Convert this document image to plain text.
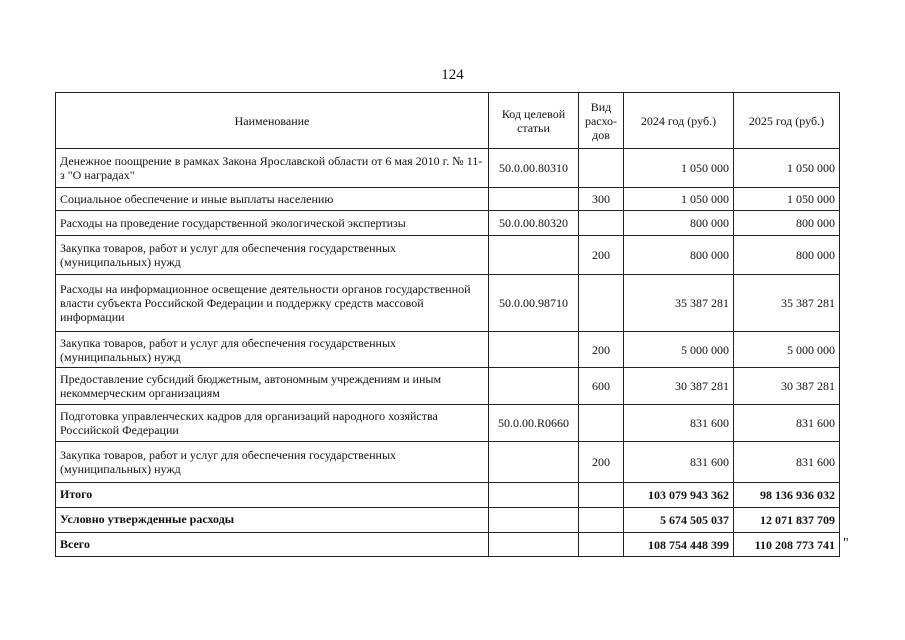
124
Наименование	Код целевой статьи	Вид расхо-дов	2024 год (руб.)	2025 год (руб.)
Денежное поощрение в рамках Закона Ярославской области от 6 мая 2010 г. № 11-з "О наградах"	50.0.00.80310		1 050 000	1 050 000
Социальное обеспечение и иные выплаты населению		300	1 050 000	1 050 000
Расходы на проведение государственной экологической экспертизы	50.0.00.80320		800 000	800 000
Закупка товаров, работ и услуг для обеспечения государственных (муниципальных) нужд		200	800 000	800 000
Расходы на информационное освещение деятельности органов государственной власти субъекта Российской Федерации и поддержку средств массовой информации	50.0.00.98710		35 387 281	35 387 281
Закупка товаров, работ и услуг для обеспечения государственных (муниципальных) нужд		200	5 000 000	5 000 000
Предоставление субсидий бюджетным, автономным учреждениям и иным некоммерческим организациям		600	30 387 281	30 387 281
Подготовка управленческих кадров для организаций народного хозяйства Российской Федерации	50.0.00.R0660		831 600	831 600
Закупка товаров, работ и услуг для обеспечения государственных (муниципальных) нужд		200	831 600	831 600
Итого			103 079 943 362	98 136 936 032
Условно утвержденные расходы			5 674 505 037	12 071 837 709
Всего			108 754 448 399	110 208 773 741 "
